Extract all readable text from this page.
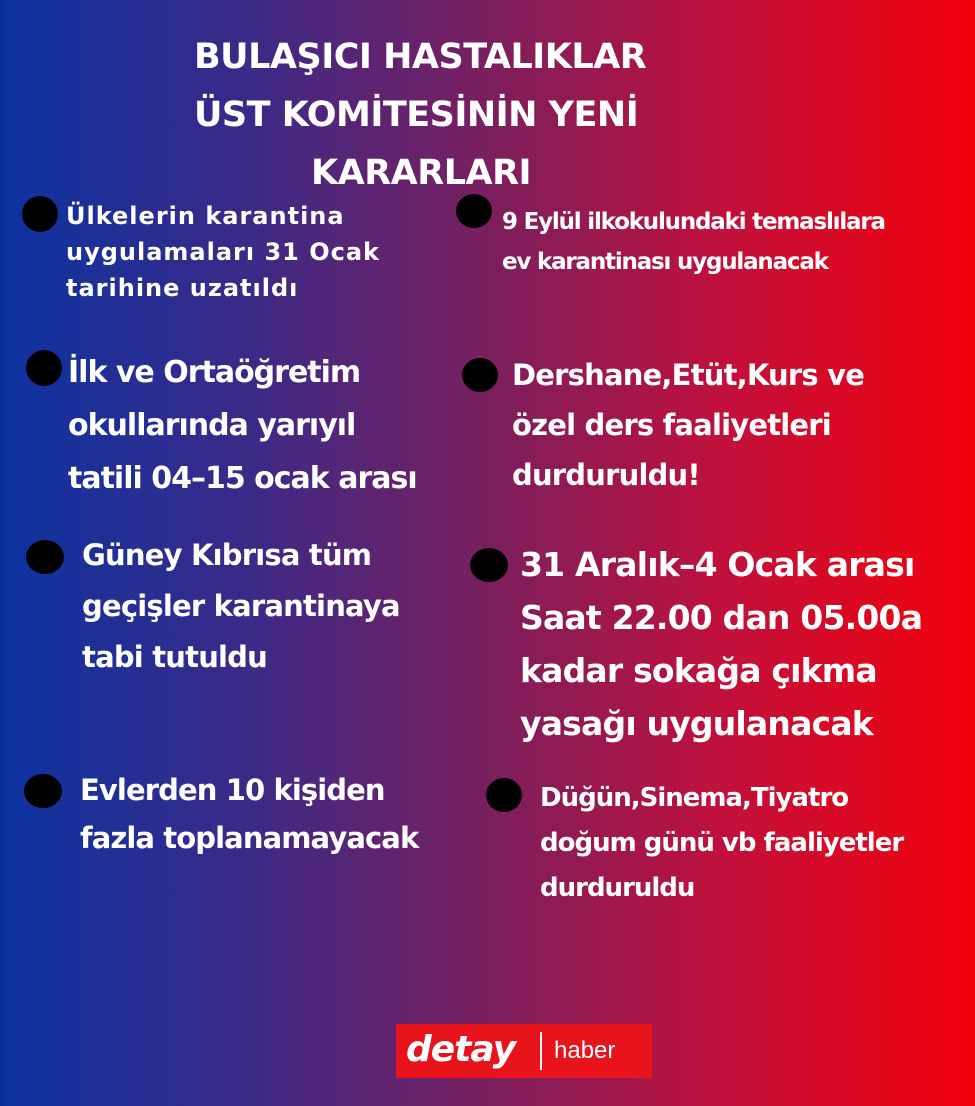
BULAŞICI HASTALIKLAR
ÜST KOMİTESİNİN YENİ
KARARLARI
Ülkelerin karantina
uygulamaları 31 Ocak
tarihine uzatıldı
9 Eylül ilkokulundaki temaslılara
ev karantinası uygulanacak
İlk ve Ortaöğretim
okullarında yarıyıl
tatili 04–15 ocak arası
Dershane,Etüt,Kurs ve
özel ders faaliyetleri
durduruldu!
Güney Kıbrısa tüm
geçişler karantinaya
tabi tutuldu
31 Aralık–4 Ocak arası
Saat 22.00 dan 05.00a
kadar sokağa çıkma
yasağı uygulanacak
Evlerden 10 kişiden
fazla toplanamayacak
Düğün,Sinema,Tiyatro
doğum günü vb faaliyetler
durduruldu
detay haber
